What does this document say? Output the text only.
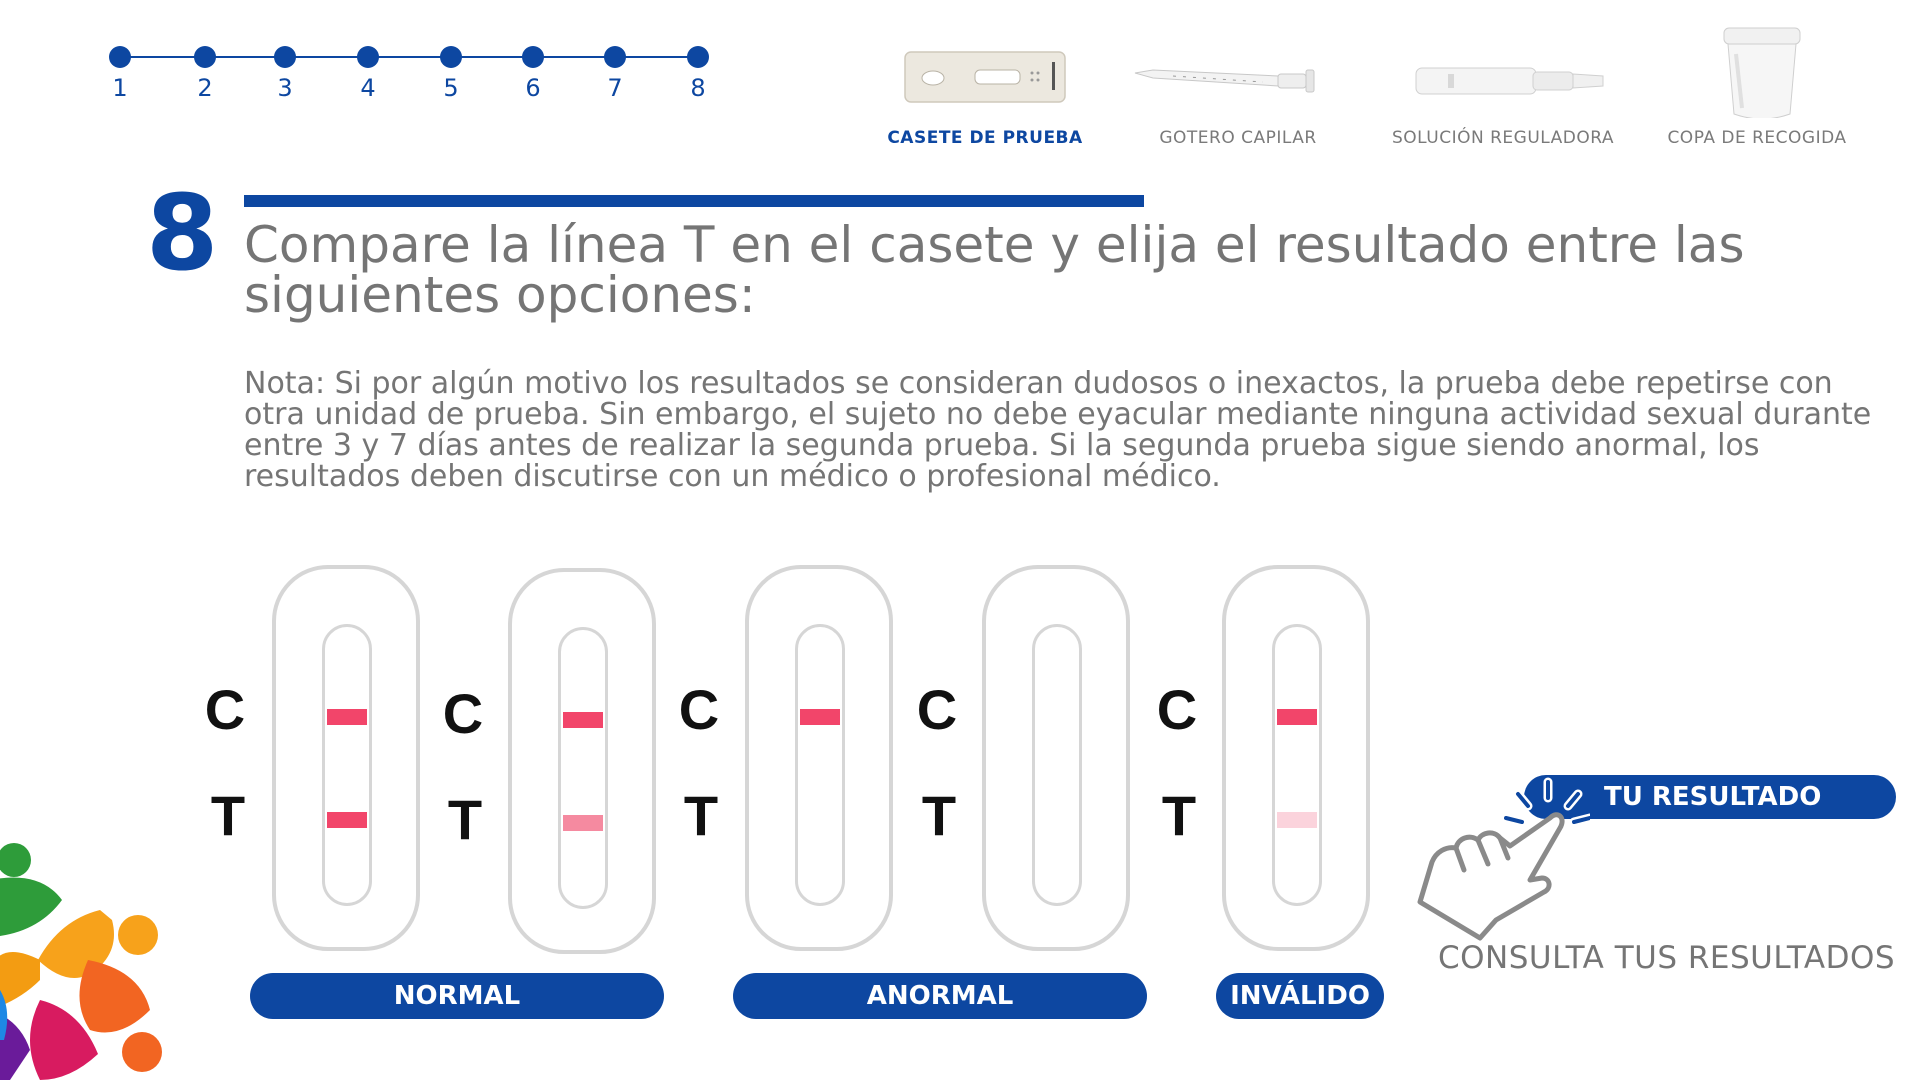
1	2	3	4	5	6	7	8
CASETE DE PRUEBA	GOTERO CAPILAR	SOLUCIÓN REGULADORA	COPA DE RECOGIDA
8 Compare la línea T en el casete y elija el resultado entre las siguientes opciones:

Nota: Si por algún motivo los resultados se consideran dudosos o inexactos, la prueba debe repetirse con otra unidad de prueba. Sin embargo, el sujeto no debe eyacular mediante ninguna actividad sexual durante entre 3 y 7 días antes de realizar la segunda prueba. Si la segunda prueba sigue siendo anormal, los resultados deben discutirse con un médico o profesional médico.

C
T
C
T
C
T
C
T
C
T
NORMAL	ANORMAL	INVÁLIDO
TU RESULTADO
CONSULTA TUS RESULTADOS
